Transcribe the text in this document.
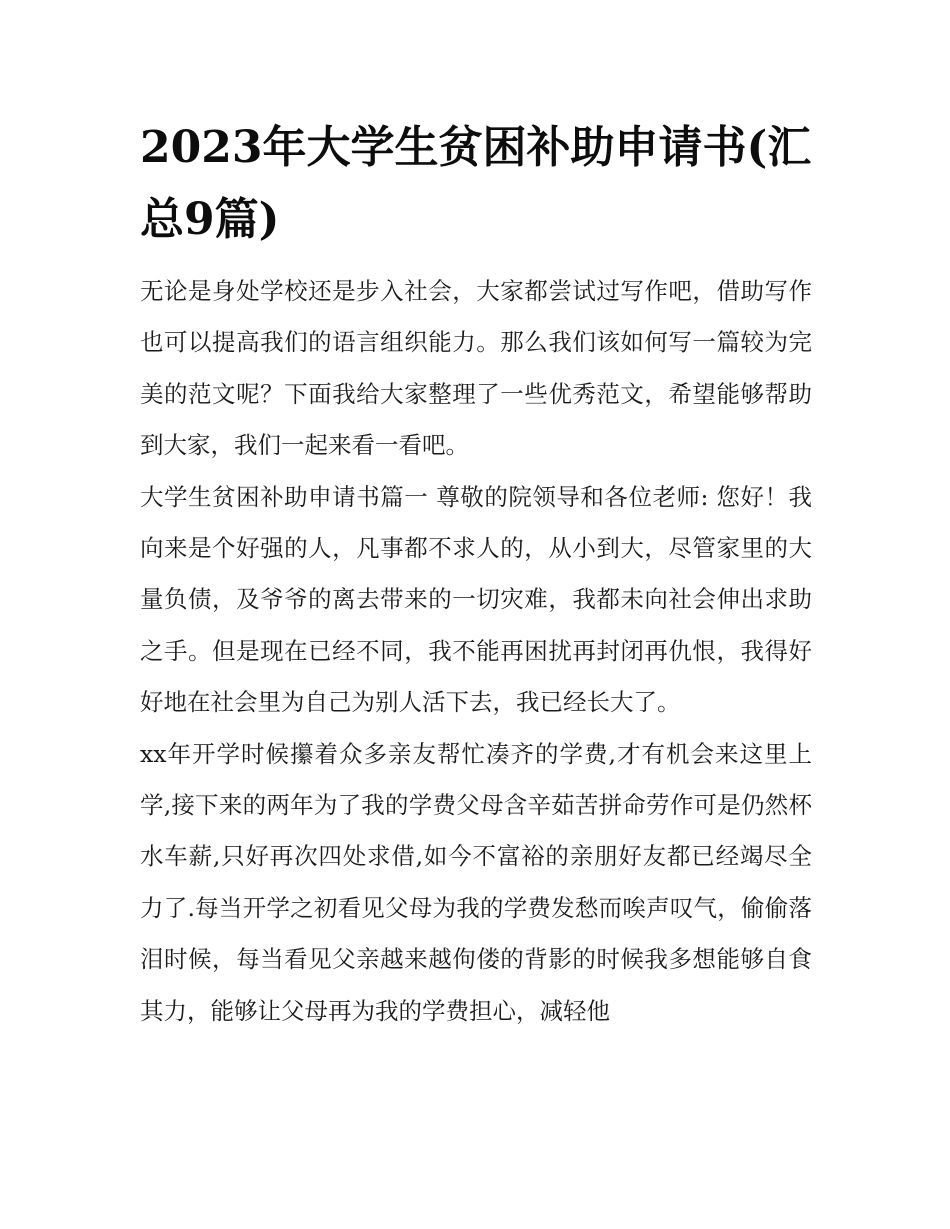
2023年大学生贫困补助申请书(汇总9篇)

无论是身处学校还是步入社会，大家都尝试过写作吧，借助写作也可以提高我们的语言组织能力。那么我们该如何写一篇较为完美的范文呢？下面我给大家整理了一些优秀范文，希望能够帮助到大家，我们一起来看一看吧。

大学生贫困补助申请书篇一 尊敬的院领导和各位老师: 您好！我向来是个好强的人，凡事都不求人的，从小到大，尽管家里的大量负债，及爷爷的离去带来的一切灾难，我都未向社会伸出求助之手。但是现在已经不同，我不能再困扰再封闭再仇恨，我得好好地在社会里为自己为别人活下去，我已经长大了。

xx年开学时候攥着众多亲友帮忙凑齐的学费,才有机会来这里上学,接下来的两年为了我的学费父母含辛茹苦拼命劳作可是仍然杯水车薪,只好再次四处求借,如今不富裕的亲朋好友都已经竭尽全力了.每当开学之初看见父母为我的学费发愁而唉声叹气，偷偷落泪时候，每当看见父亲越来越佝偻的背影的时候我多想能够自食其力，能够让父母再为我的学费担心，减轻他
